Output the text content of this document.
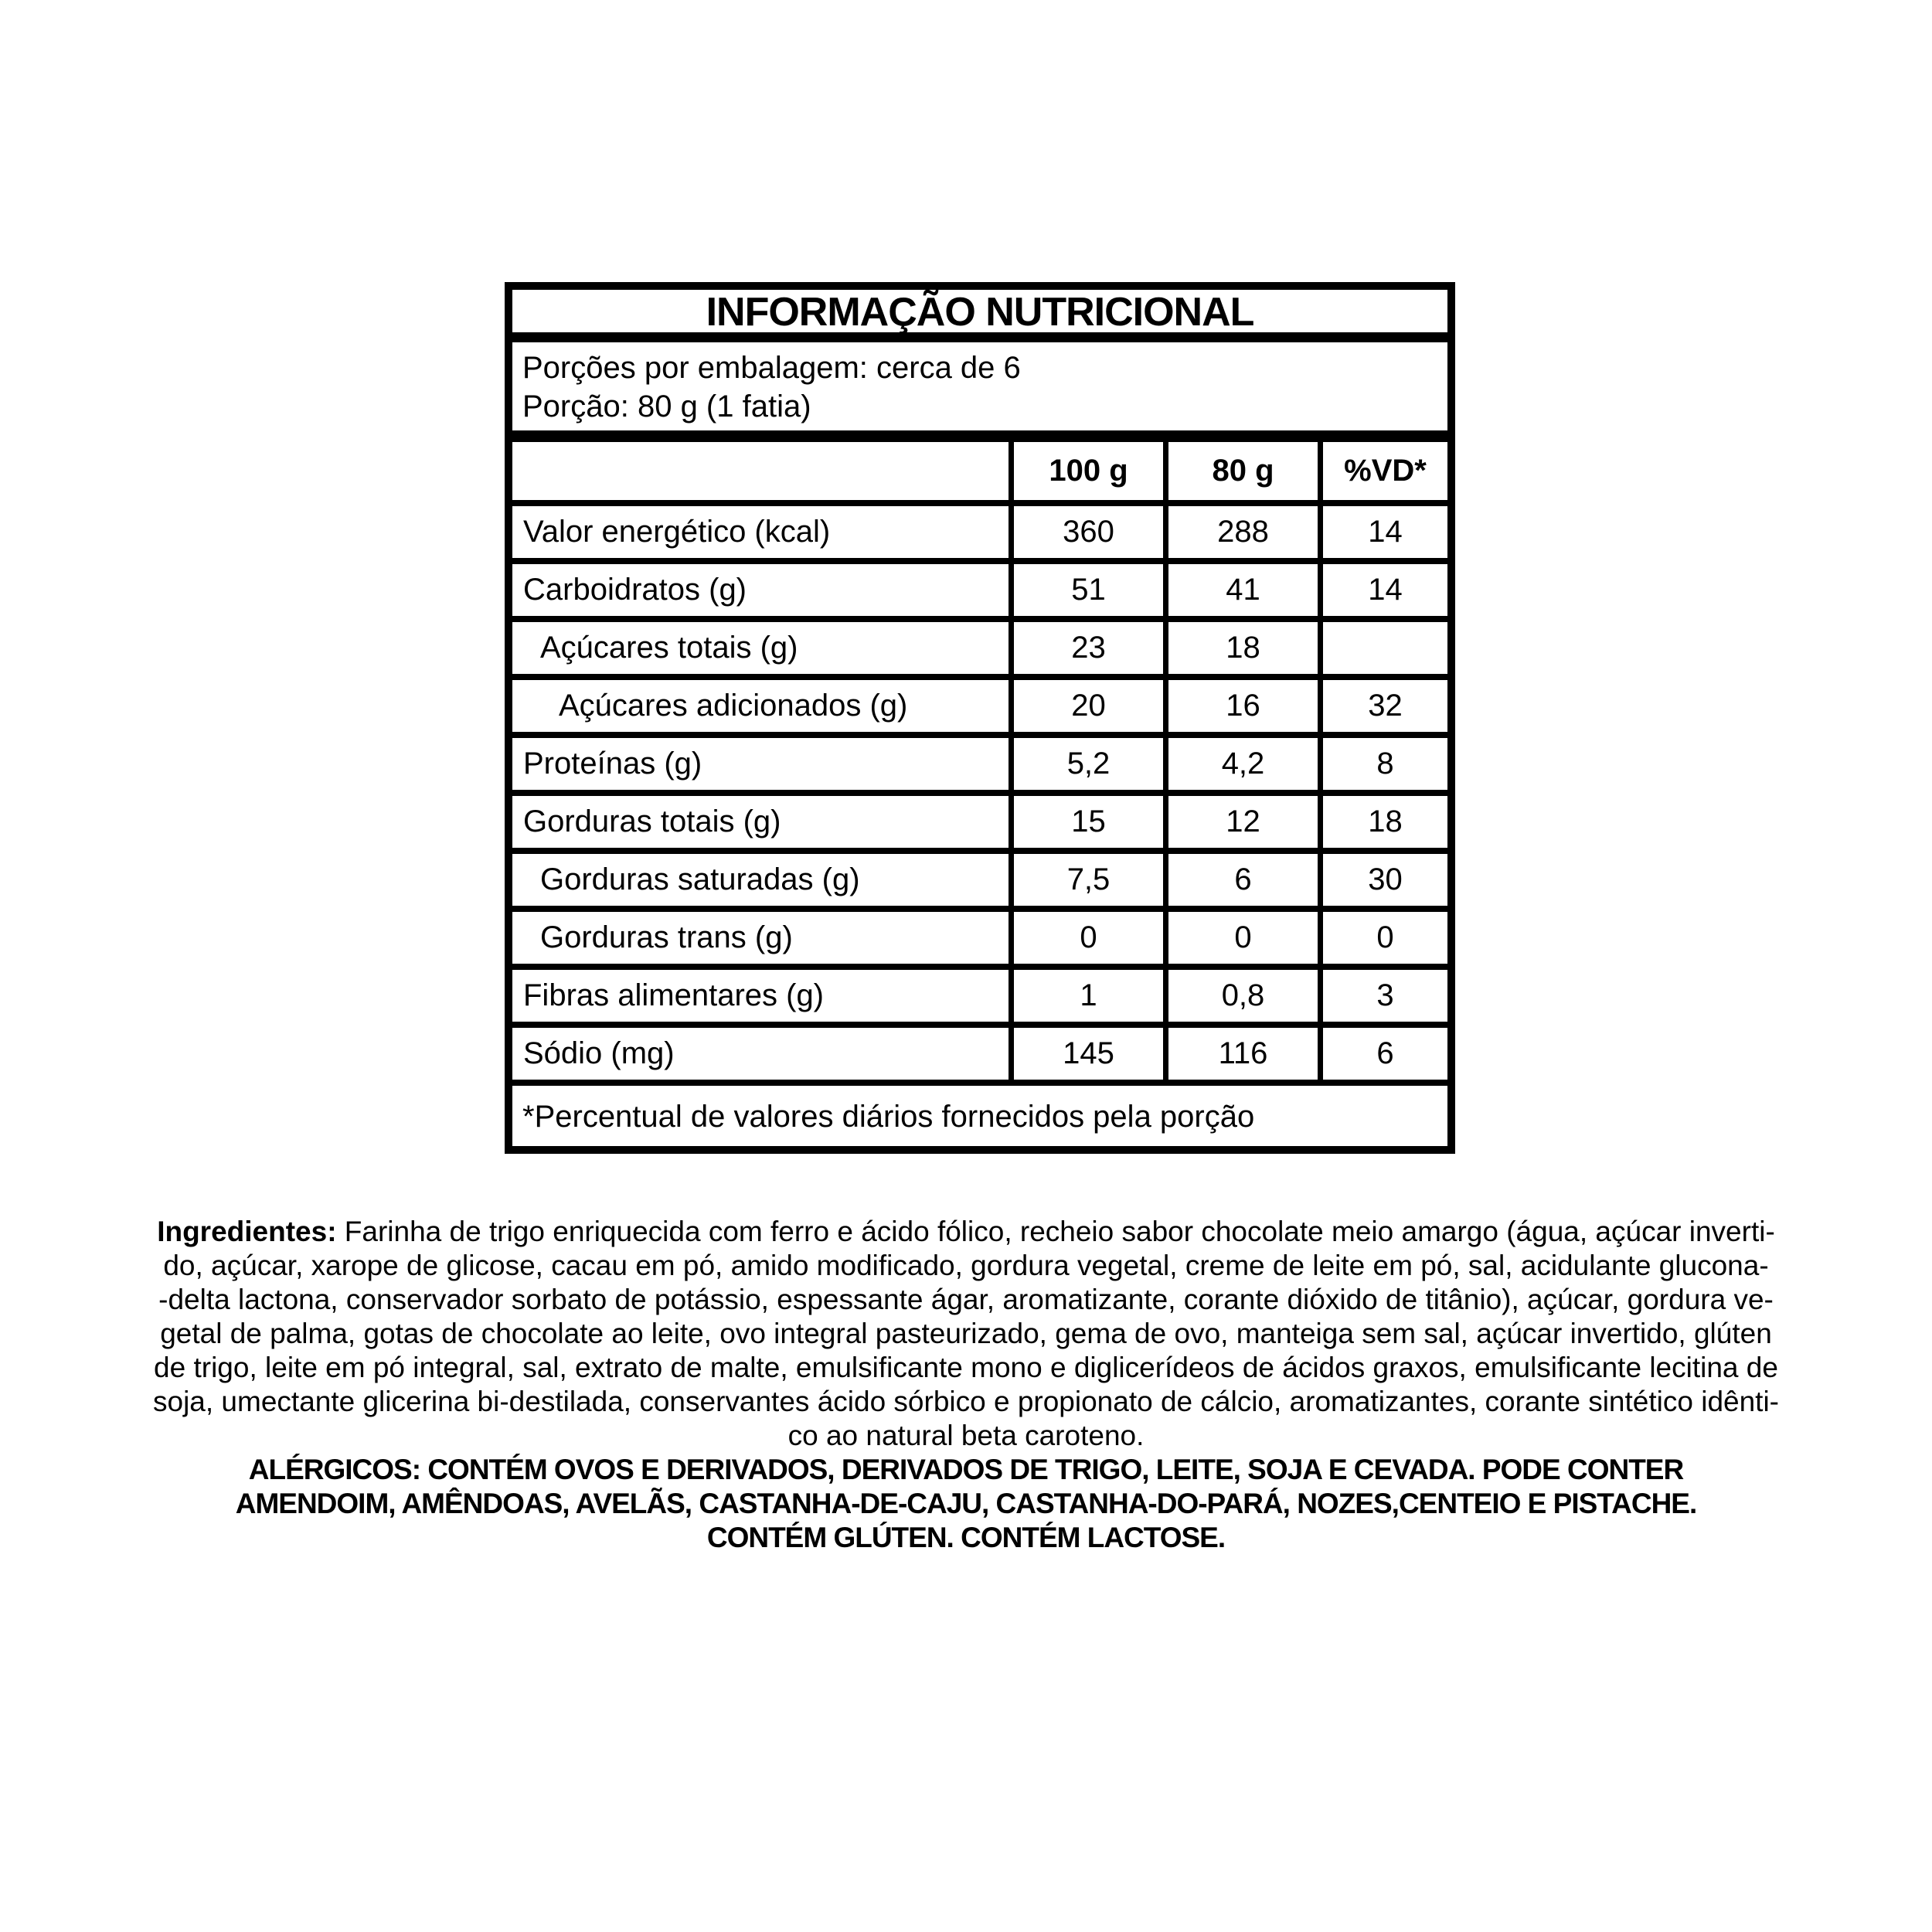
INFORMAÇÃO NUTRICIONAL
Porções por embalagem: cerca de 6
Porção: 80 g (1 fatia)
100 g	80 g	%VD*
Valor energético (kcal)	360	288	14
Carboidratos (g)	51	41	14
Açúcares totais (g)	23	18
Açúcares adicionados (g)	20	16	32
Proteínas (g)	5,2	4,2	8
Gorduras totais (g)	15	12	18
Gorduras saturadas (g)	7,5	6	30
Gorduras trans (g)	0	0	0
Fibras alimentares (g)	1	0,8	3
Sódio (mg)	145	116	6
*Percentual de valores diários fornecidos pela porção
Ingredientes: Farinha de trigo enriquecida com ferro e ácido fólico, recheio sabor chocolate meio amargo (água, açúcar inverti-
do, açúcar, xarope de glicose, cacau em pó, amido modificado, gordura vegetal, creme de leite em pó, sal, acidulante glucona-
-delta lactona, conservador sorbato de potássio, espessante ágar, aromatizante, corante dióxido de titânio), açúcar, gordura ve-
getal de palma, gotas de chocolate ao leite, ovo integral pasteurizado, gema de ovo, manteiga sem sal, açúcar invertido, glúten
de trigo, leite em pó integral, sal, extrato de malte, emulsificante mono e diglicerídeos de ácidos graxos, emulsificante lecitina de
soja, umectante glicerina bi-destilada, conservantes ácido sórbico e propionato de cálcio, aromatizantes, corante sintético idênti-
co ao natural beta caroteno.
ALÉRGICOS: CONTÉM OVOS E DERIVADOS, DERIVADOS DE TRIGO, LEITE, SOJA E CEVADA. PODE CONTER
AMENDOIM, AMÊNDOAS, AVELÃS, CASTANHA-DE-CAJU, CASTANHA-DO-PARÁ, NOZES,CENTEIO E PISTACHE.
CONTÉM GLÚTEN. CONTÉM LACTOSE.
